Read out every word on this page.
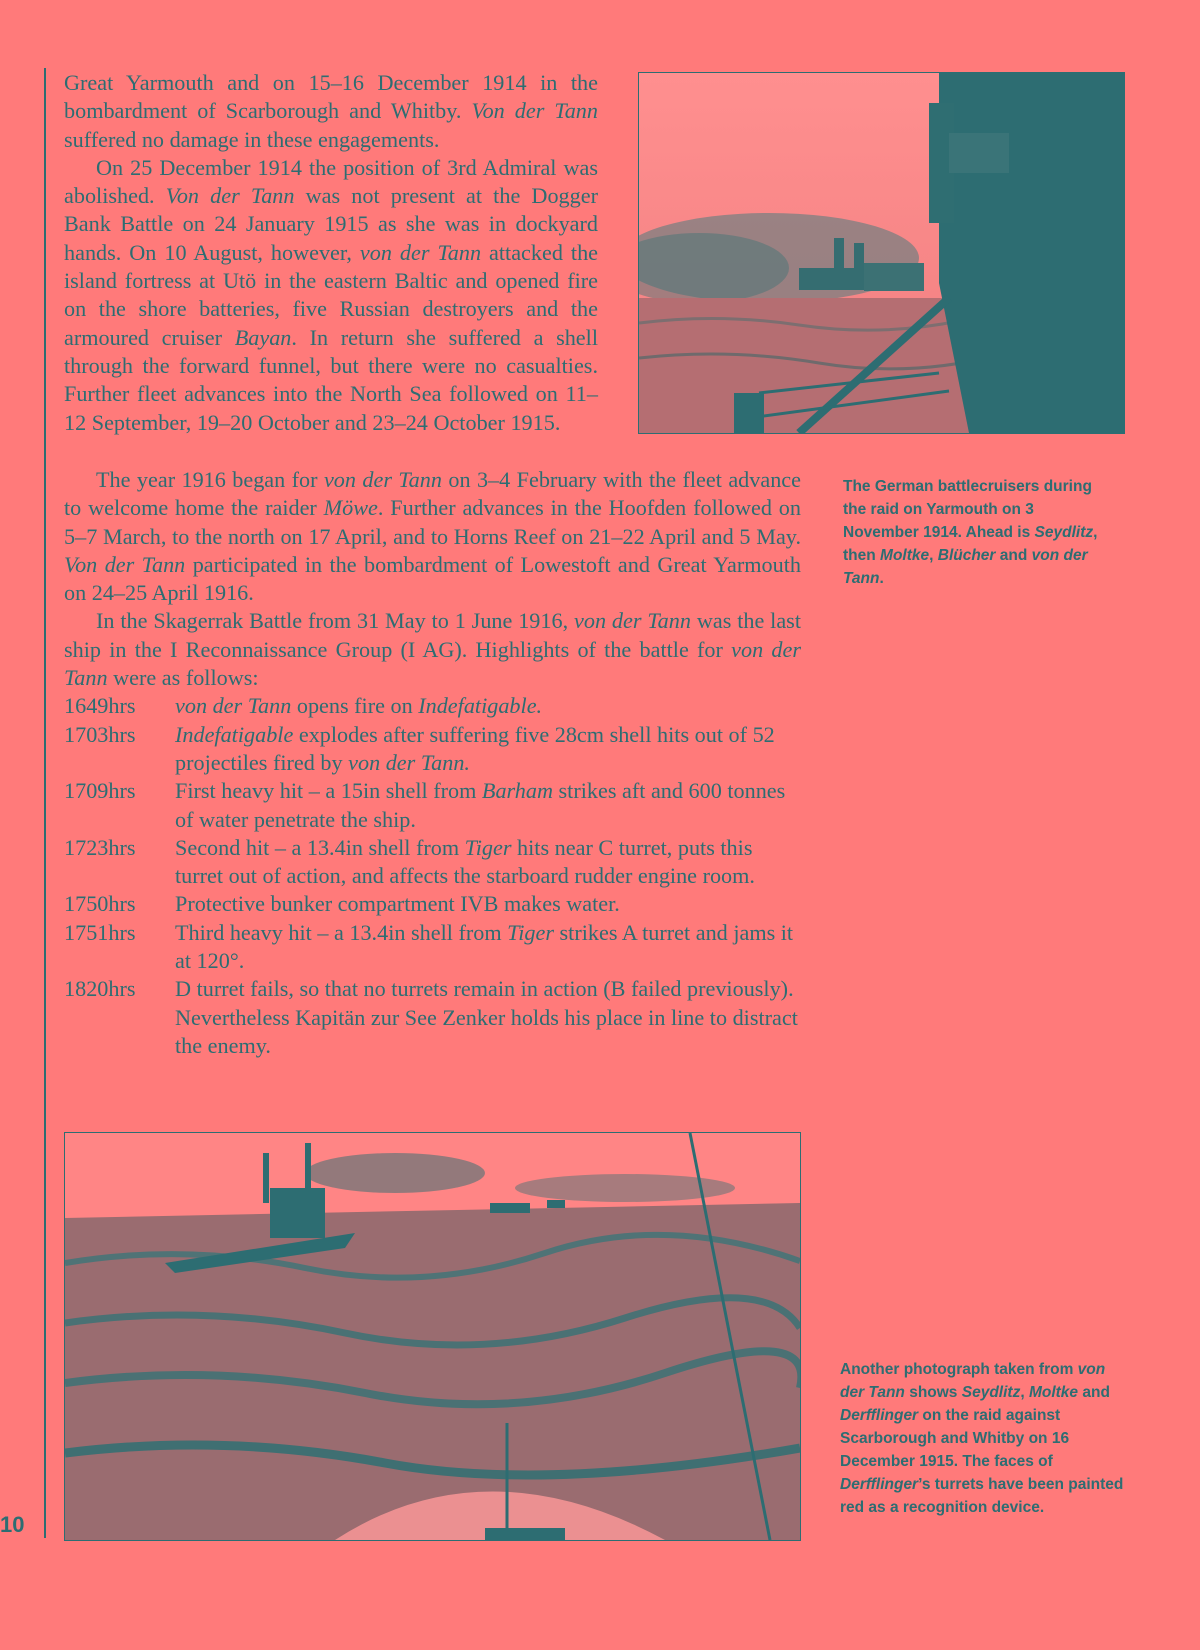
Great Yarmouth and on 15–16 December 1914 in the bombardment of Scarborough and Whitby. Von der Tann suffered no damage in these engagements.

On 25 December 1914 the position of 3rd Admiral was abolished. Von der Tann was not present at the Dogger Bank Battle on 24 January 1915 as she was in dockyard hands. On 10 August, however, von der Tann attacked the island fortress at Utö in the eastern Baltic and opened fire on the shore batteries, five Russian destroyers and the armoured cruiser Bayan. In return she suffered a shell through the forward funnel, but there were no casualties. Further fleet advances into the North Sea followed on 11–12 September, 19–20 October and 23–24 October 1915.

The year 1916 began for von der Tann on 3–4 February with the fleet advance to welcome home the raider Möwe. Further advances in the Hoofden followed on 5–7 March, to the north on 17 April, and to Horns Reef on 21–22 April and 5 May. Von der Tann participated in the bombardment of Lowestoft and Great Yarmouth on 24–25 April 1916.

In the Skagerrak Battle from 31 May to 1 June 1916, von der Tann was the last ship in the I Reconnaissance Group (I AG). Highlights of the battle for von der Tann were as follows:

1649hrs	von der Tann opens fire on Indefatigable.
1703hrs	Indefatigable explodes after suffering five 28cm shell hits out of 52 projectiles fired by von der Tann.
1709hrs	First heavy hit – a 15in shell from Barham strikes aft and 600 tonnes of water penetrate the ship.
1723hrs	Second hit – a 13.4in shell from Tiger hits near C turret, puts this turret out of action, and affects the starboard rudder engine room.
1750hrs	Protective bunker compartment IVB makes water.
1751hrs	Third heavy hit – a 13.4in shell from Tiger strikes A turret and jams it at 120°.
1820hrs	D turret fails, so that no turrets remain in action (B failed previously). Nevertheless Kapitän zur See Zenker holds his place in line to distract the enemy.
The German battlecruisers during the raid on Yarmouth on 3 November 1914. Ahead is Seydlitz, then Moltke, Blücher and von der Tann.
Another photograph taken from von der Tann shows Seydlitz, Moltke and Derfflinger on the raid against Scarborough and Whitby on 16 December 1915. The faces of Derfflinger’s turrets have been painted red as a recognition device.
10
